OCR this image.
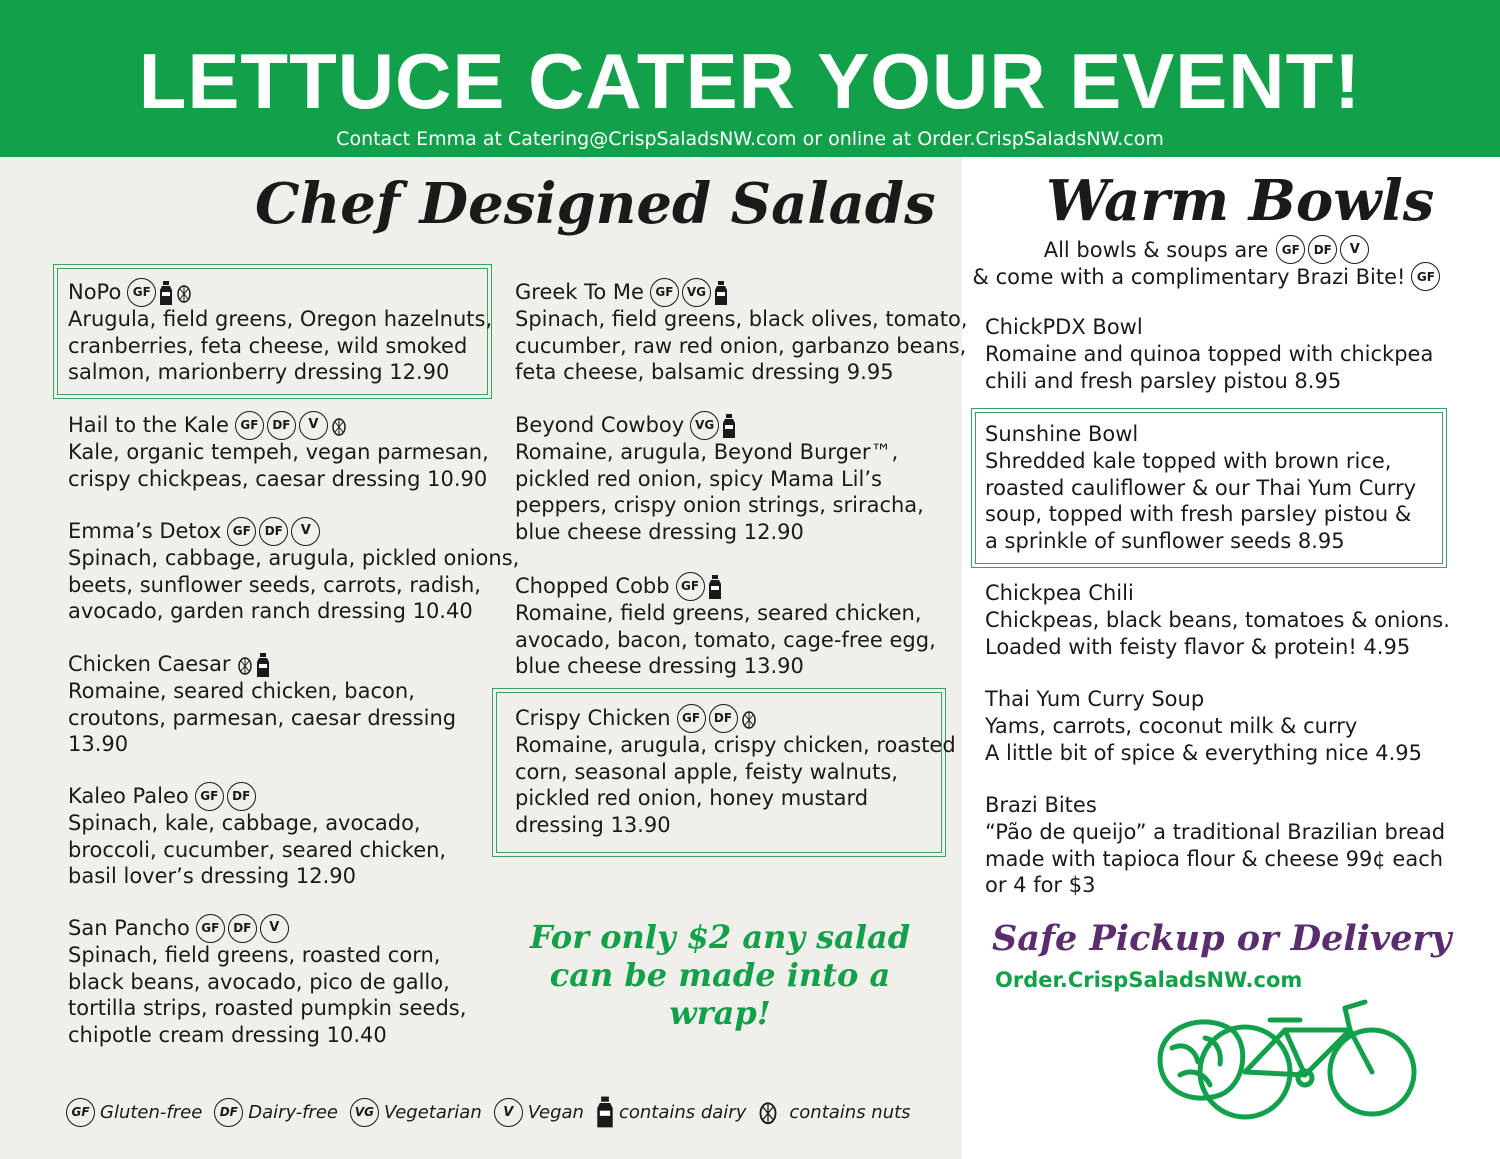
LETTUCE CATER YOUR EVENT!
Contact Emma at Catering@CrispSaladsNW.com or online at Order.CrispSaladsNW.com
Chef Designed Salads Warm Bowls
All bowls & soups are	GF	DF	V
& come with a complimentary Brazi Bite! GF
NoPo GF
Arugula, field greens, Oregon hazelnuts,
cranberries, feta cheese, wild smoked
salmon, marionberry dressing 12.90
Hail to the Kale GF	DF	V
Kale, organic tempeh, vegan parmesan,
crispy chickpeas, caesar dressing 10.90
Emma’s Detox GF	DF	V
Spinach, cabbage, arugula, pickled onions,
beets, sunflower seeds, carrots, radish,
avocado, garden ranch dressing 10.40
Chicken Caesar
Romaine, seared chicken, bacon,
croutons, parmesan, caesar dressing
13.90
Kaleo Paleo GF	DF
Spinach, kale, cabbage, avocado,
broccoli, cucumber, seared chicken,
basil lover’s dressing 12.90
San Pancho GF	DF	V
Spinach, field greens, roasted corn,
black beans, avocado, pico de gallo,
tortilla strips, roasted pumpkin seeds,
chipotle cream dressing 10.40
Greek To Me GF	VG
Spinach, field greens, black olives, tomato,
cucumber, raw red onion, garbanzo beans,
feta cheese, balsamic dressing 9.95
Beyond Cowboy VG
Romaine, arugula, Beyond Burger™,
pickled red onion, spicy Mama Lil’s
peppers, crispy onion strings, sriracha,
blue cheese dressing 12.90
Chopped Cobb GF
Romaine, field greens, seared chicken,
avocado, bacon, tomato, cage-free egg,
blue cheese dressing 13.90
Crispy Chicken GF	DF
Romaine, arugula, crispy chicken, roasted
corn, seasonal apple, feisty walnuts,
pickled red onion, honey mustard
dressing 13.90
For only $2 any salad
can be made into a wrap!
ChickPDX Bowl
Romaine and quinoa topped with chickpea
chili and fresh parsley pistou 8.95
Sunshine Bowl
Shredded kale topped with brown rice,
roasted cauliflower & our Thai Yum Curry
soup, topped with fresh parsley pistou &
a sprinkle of sunflower seeds 8.95
Chickpea Chili
Chickpeas, black beans, tomatoes & onions.
Loaded with feisty flavor & protein! 4.95
Thai Yum Curry Soup
Yams, carrots, coconut milk & curry
A little bit of spice & everything nice 4.95
Brazi Bites
“Pão de queijo” a traditional Brazilian bread
made with tapioca flour & cheese 99¢ each
or 4 for $3
Safe Pickup or Delivery
Order.CrispSaladsNW.com
GF Gluten-free	DF Dairy-free	VG Vegetarian	V Vegan contains dairy contains nuts
